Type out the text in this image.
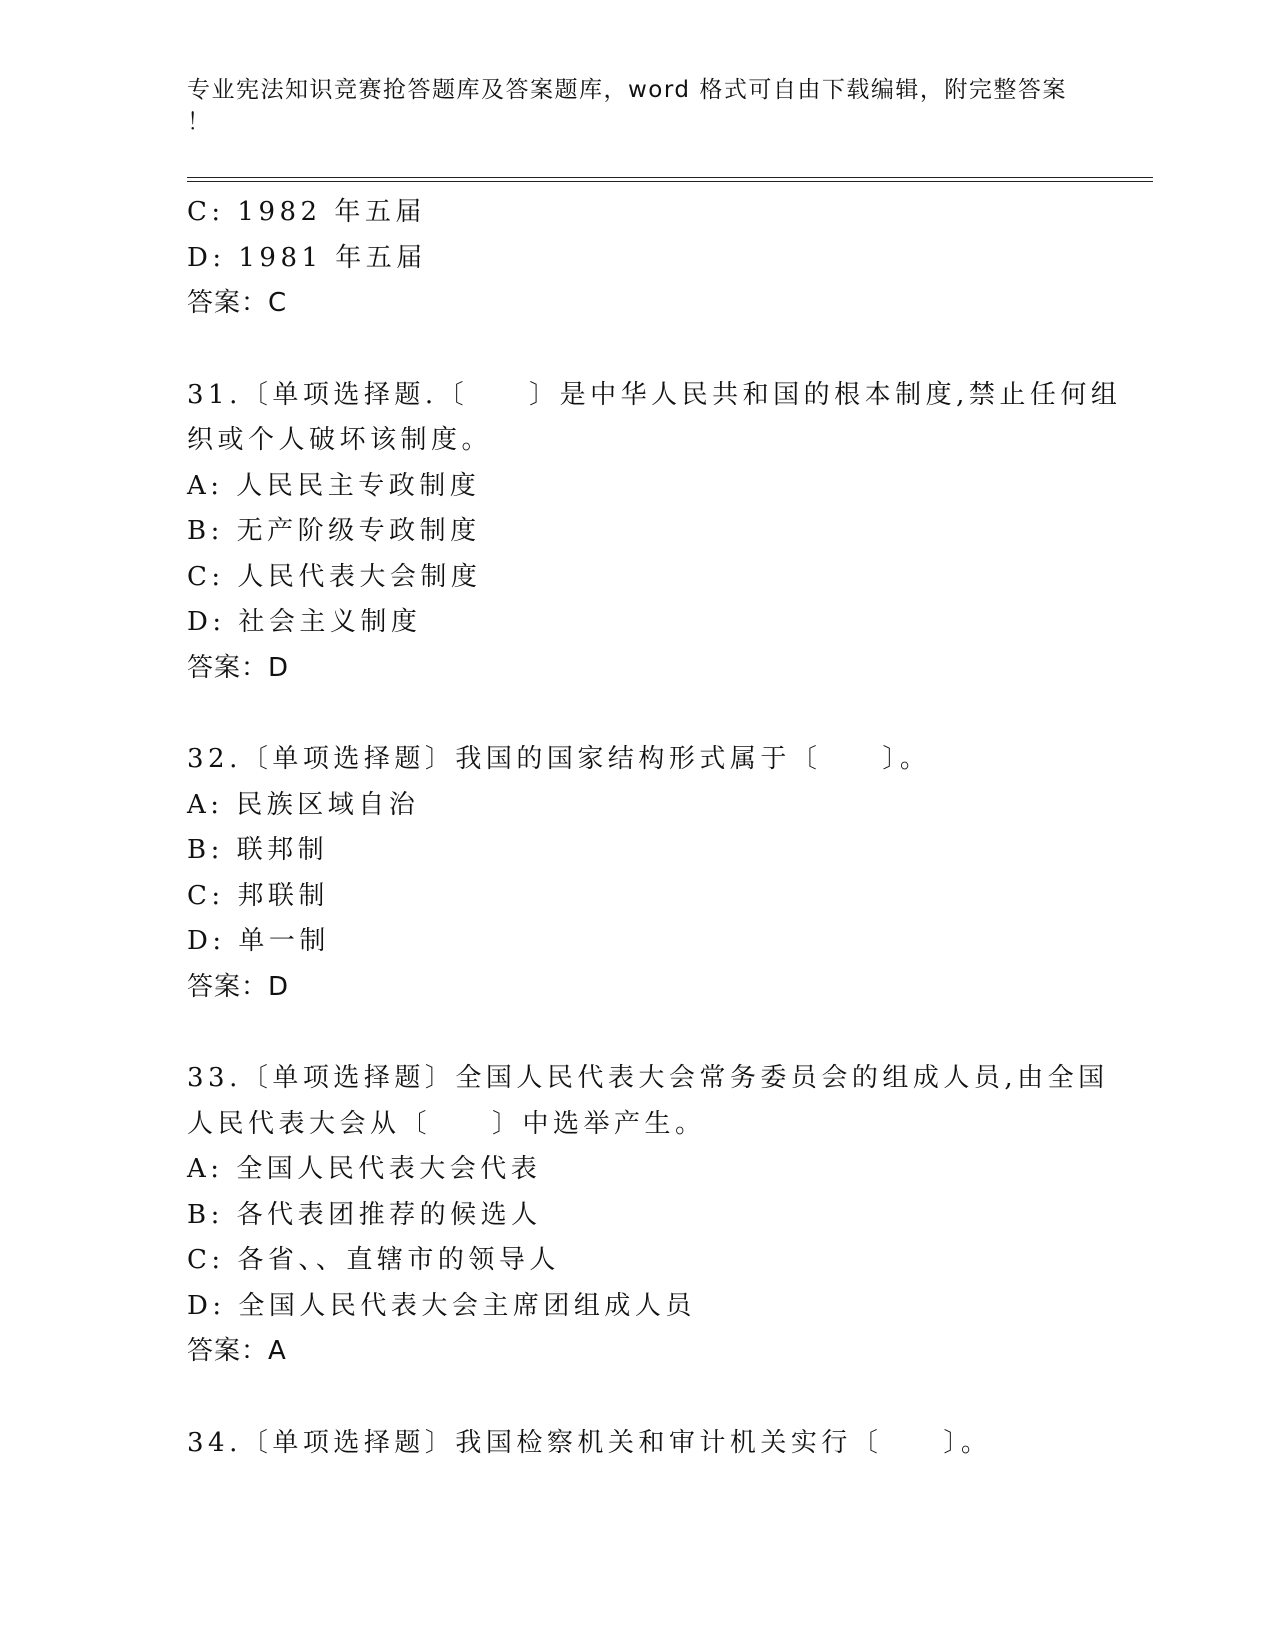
专业宪法知识竞赛抢答题库及答案题库，word 格式可自由下载编辑，附完整答案
！
C: 1982 年五届
D: 1981 年五届
答案：C
31.〔单项选择题.〔　　〕是中华人民共和国的根本制度,禁止任何组
织或个人破坏该制度。
A: 人民民主专政制度
B: 无产阶级专政制度
C: 人民代表大会制度
D: 社会主义制度
答案：D
32.〔单项选择题〕我国的国家结构形式属于〔　　〕。
A: 民族区域自治
B: 联邦制
C: 邦联制
D: 单一制
答案：D
33.〔单项选择题〕全国人民代表大会常务委员会的组成人员,由全国
人民代表大会从〔　　〕中选举产生。
A: 全国人民代表大会代表
B: 各代表团推荐的候选人
C: 各省、、直辖市的领导人
D: 全国人民代表大会主席团组成人员
答案：A
34.〔单项选择题〕我国检察机关和审计机关实行〔　　〕。
